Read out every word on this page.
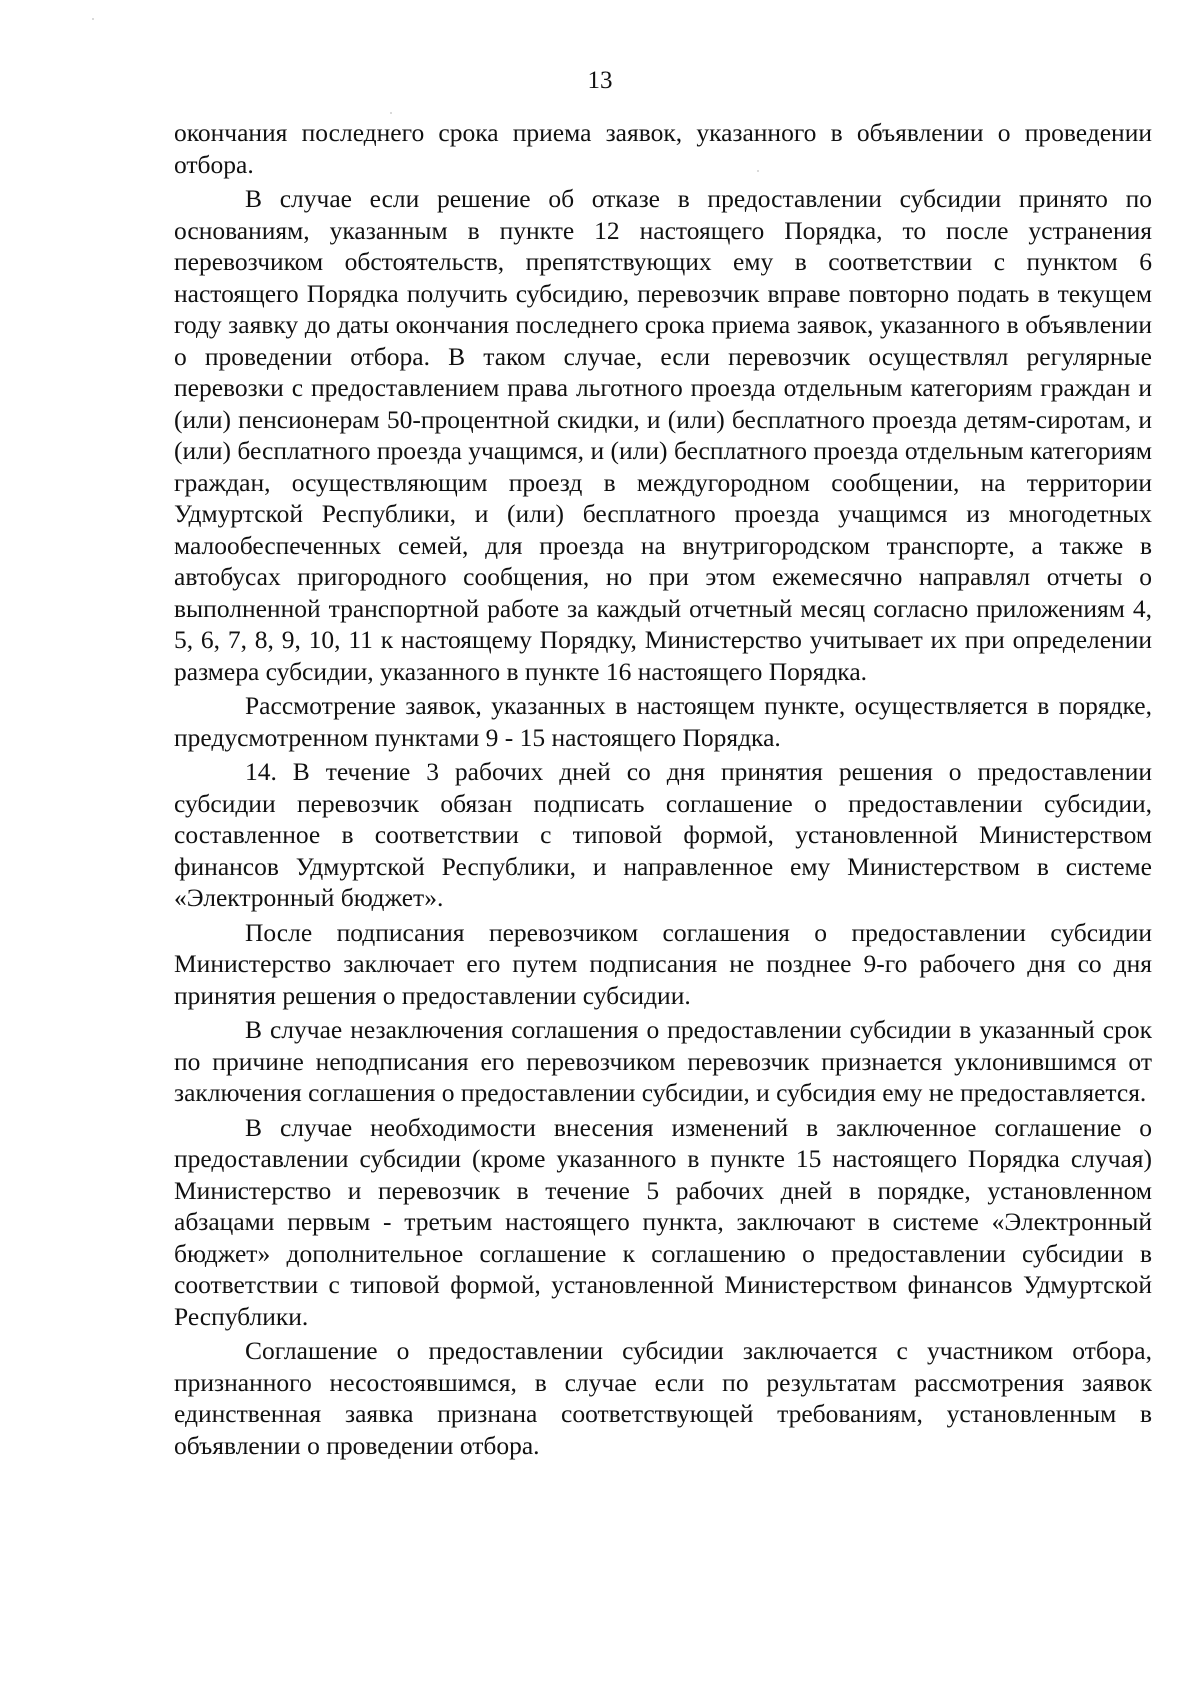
13

окончания последнего срока приема заявок, указанного в объявлении о проведении отбора.

В случае если решение об отказе в предоставлении субсидии принято по основаниям, указанным в пункте 12 настоящего Порядка, то после устранения перевозчиком обстоятельств, препятствующих ему в соответствии с пунктом 6 настоящего Порядка получить субсидию, перевозчик вправе повторно подать в текущем году заявку до даты окончания последнего срока приема заявок, указанного в объявлении о проведении отбора. В таком случае, если перевозчик осуществлял регулярные перевозки с предоставлением права льготного проезда отдельным категориям граждан и (или) пенсионерам 50-процентной скидки, и (или) бесплатного проезда детям-сиротам, и (или) бесплатного проезда учащимся, и (или) бесплатного проезда отдельным категориям граждан, осуществляющим проезд в междугородном сообщении, на территории Удмуртской Республики, и (или) бесплатного проезда учащимся из многодетных малообеспеченных семей, для проезда на внутригородском транспорте, а также в автобусах пригородного сообщения, но при этом ежемесячно направлял отчеты о выполненной транспортной работе за каждый отчетный месяц согласно приложениям 4, 5, 6, 7, 8, 9, 10, 11 к настоящему Порядку, Министерство учитывает их при определении размера субсидии, указанного в пункте 16 настоящего Порядка.

Рассмотрение заявок, указанных в настоящем пункте, осуществляется в порядке, предусмотренном пунктами 9 - 15 настоящего Порядка.

14. В течение 3 рабочих дней со дня принятия решения о предоставлении субсидии перевозчик обязан подписать соглашение о предоставлении субсидии, составленное в соответствии с типовой формой, установленной Министерством финансов Удмуртской Республики, и направленное ему Министерством в системе «Электронный бюджет».

После подписания перевозчиком соглашения о предоставлении субсидии Министерство заключает его путем подписания не позднее 9-го рабочего дня со дня принятия решения о предоставлении субсидии.

В случае незаключения соглашения о предоставлении субсидии в указанный срок по причине неподписания его перевозчиком перевозчик признается уклонившимся от заключения соглашения о предоставлении субсидии, и субсидия ему не предоставляется.

В случае необходимости внесения изменений в заключенное соглашение о предоставлении субсидии (кроме указанного в пункте 15 настоящего Порядка случая) Министерство и перевозчик в течение 5 рабочих дней в порядке, установленном абзацами первым - третьим настоящего пункта, заключают в системе «Электронный бюджет» дополнительное соглашение к соглашению о предоставлении субсидии в соответствии с типовой формой, установленной Министерством финансов Удмуртской Республики.

Соглашение о предоставлении субсидии заключается с участником отбора, признанного несостоявшимся, в случае если по результатам рассмотрения заявок единственная заявка признана соответствующей требованиям, установленным в объявлении о проведении отбора.
